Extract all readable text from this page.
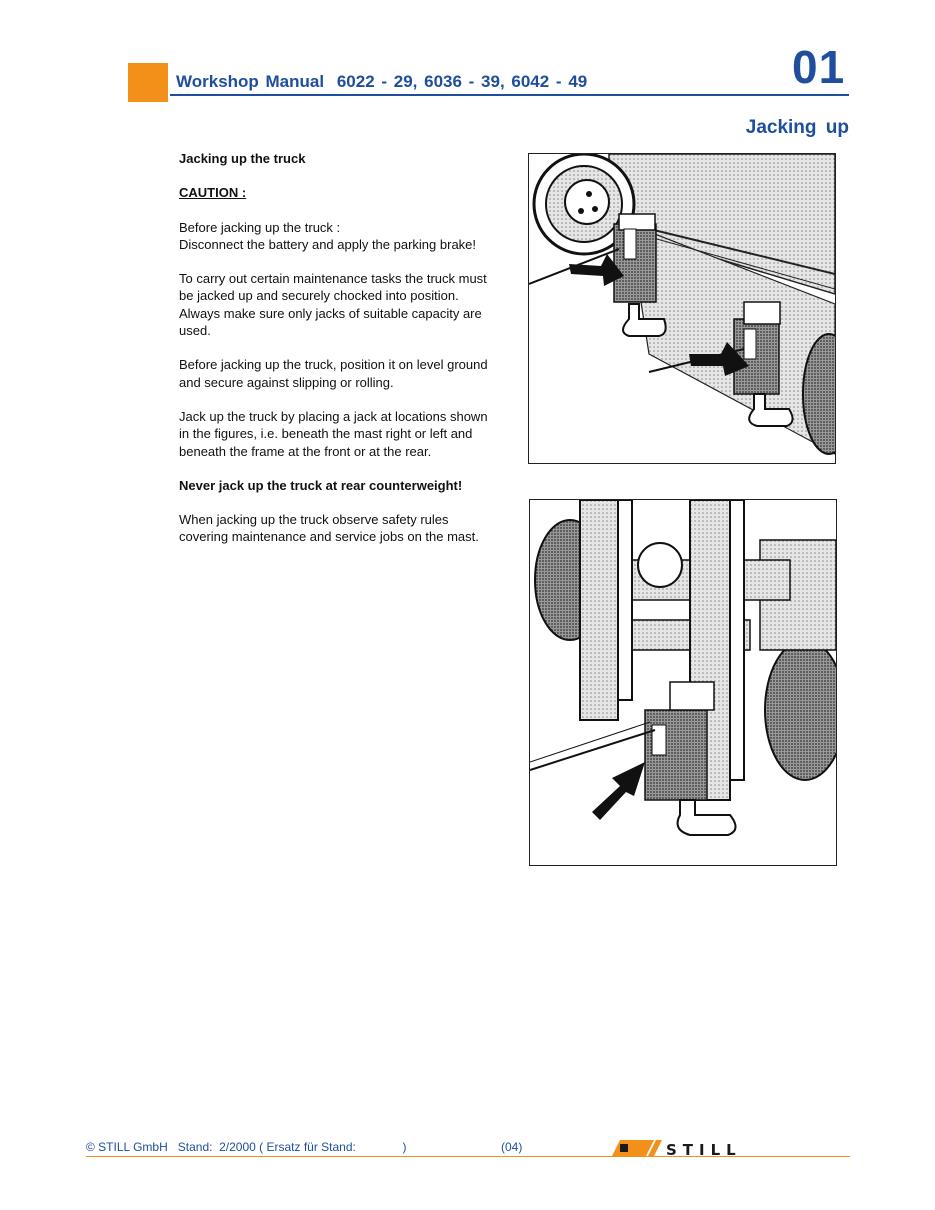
Workshop Manual 6022 - 29, 6036 - 39, 6042 - 49	01
Jacking up

Jacking up the truck

CAUTION :

Before jacking up the truck :
Disconnect the battery and apply the parking brake!

To carry out certain maintenance tasks the truck must be jacked up and securely chocked into position.
Always make sure only jacks of suitable capacity are used.

Before jacking up the truck, position it on level ground and secure against slipping or rolling.

Jack up the truck by placing a jack at locations shown in the figures, i.e. beneath the mast right or left and beneath the frame at the front or at the rear.

Never jack up the truck at rear counterweight!

When jacking up the truck observe safety rules covering maintenance and service jobs on the mast.

© STILL GmbH   Stand:  2/2000 ( Ersatz für Stand:              )	(04)	STILL
